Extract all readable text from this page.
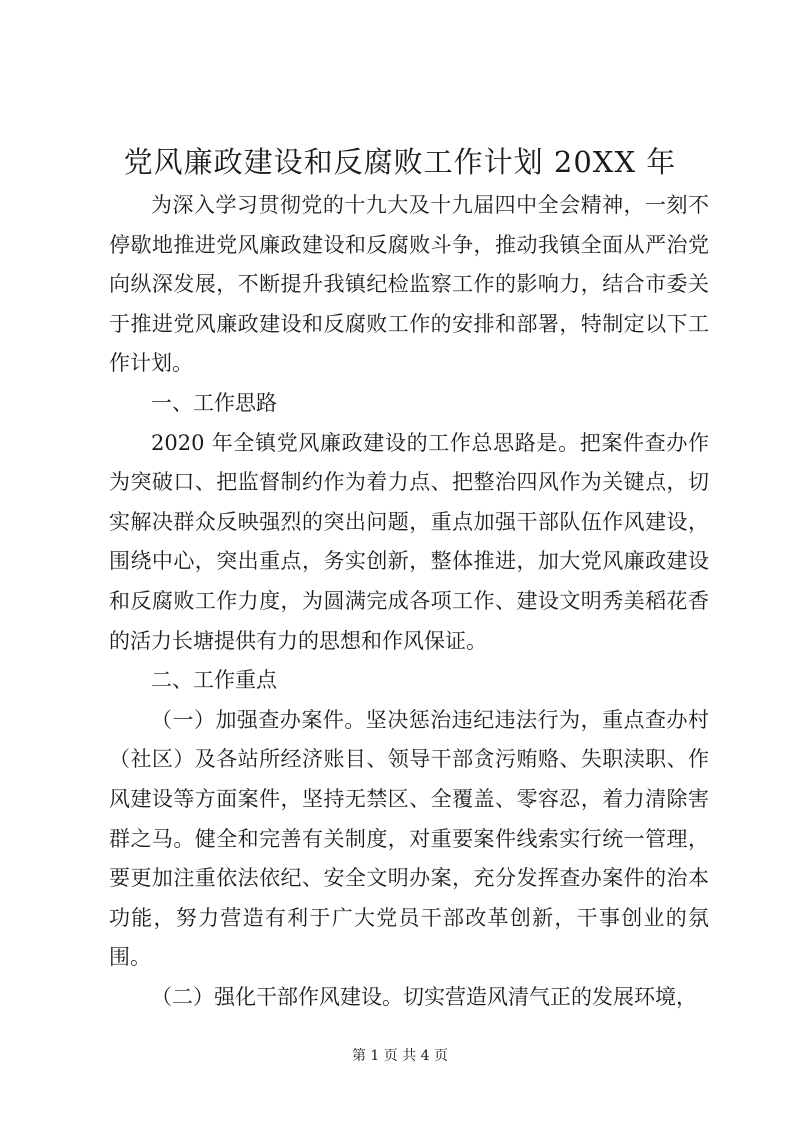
党风廉政建设和反腐败工作计划 20XX 年

为深入学习贯彻党的十九大及十九届四中全会精神，一刻不停歇地推进党风廉政建设和反腐败斗争，推动我镇全面从严治党向纵深发展，不断提升我镇纪检监察工作的影响力，结合市委关于推进党风廉政建设和反腐败工作的安排和部署，特制定以下工作计划。

一、工作思路

2020 年全镇党风廉政建设的工作总思路是。把案件查办作为突破口、把监督制约作为着力点、把整治四风作为关键点，切实解决群众反映强烈的突出问题，重点加强干部队伍作风建设，围绕中心，突出重点，务实创新，整体推进，加大党风廉政建设和反腐败工作力度，为圆满完成各项工作、建设文明秀美稻花香的活力长塘提供有力的思想和作风保证。

二、工作重点

（一）加强查办案件。坚决惩治违纪违法行为，重点查办村（社区）及各站所经济账目、领导干部贪污贿赂、失职渎职、作风建设等方面案件，坚持无禁区、全覆盖、零容忍，着力清除害群之马。健全和完善有关制度，对重要案件线索实行统一管理，要更加注重依法依纪、安全文明办案，充分发挥查办案件的治本功能，努力营造有利于广大党员干部改革创新，干事创业的氛围。

（二）强化干部作风建设。切实营造风清气正的发展环境，

第 1 页 共 4 页
